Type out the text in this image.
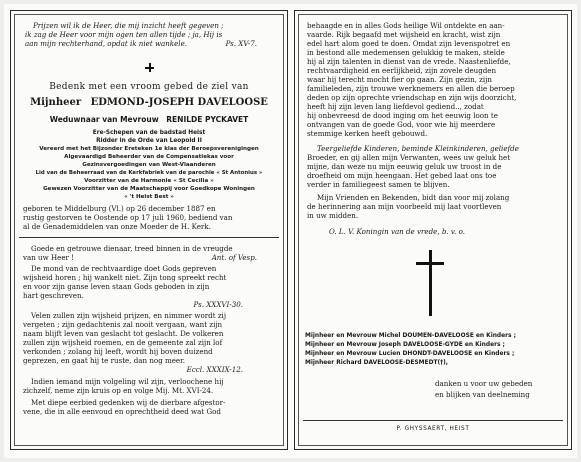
Prijzen wil ik de Heer, die mij inzicht heeft gegeven ;
ik zag de Heer voor mijn ogen ten allen tijde ; ja, Hij is
aan mijn rechterhand, opdat ik niet wankele.	Ps. XV-7.
Bedenk met een vroom gebed de ziel van
Mijnheer EDMOND-JOSEPH DAVELOOSE
Weduwnaar van Mevrouw RENILDE PYCKAVET
Ere-Schepen van de badstad Heist
Ridder in de Orde van Leopold II
Vereerd met het Bijzonder Ereteken 1e klas der Beroepsverenigingen
Algevaardigd Beheerder van de Compensatiekas voor
Gezinsvergoedingen van West-Vlaanderen
Lid van de Beheerraad van de Kerkfabriek van de parochie « St Antonius »
Voorzitter van de Harmonie « St Cecilia »
Gewezen Voorzitter van de Maatschappij voor Goedkope Woningen
« 't Heist Best »
geboren te Middelburg (Vl.) op 26 december 1887 en
rustig gestorven te Oostende op 17 juli 1960, bediend van
al de Genademiddelen van onze Moeder de H. Kerk.
Goede en getrouwe dienaar, treed binnen in de vreugde
van uw Heer !	Ant. of Vesp.
De mond van de rechtvaardige doet Gods gepreven
wijsheid horen ; hij wankelt niet. Zijn tong spreekt recht
en voor zijn ganse leven staan Gods geboden in zijn
hart geschreven.
Ps. XXXVI-30.
Velen zullen zijn wijsheid prijzen, en nimmer wordt zij
vergeten ; zijn gedachtenis zal nooit vergaan, want zijn
naam blijft leven van geslacht tot geslacht. De volkeren
zullen zijn wijsheid roemen, en de gemeente zal zijn lof
verkonden ; zolang hij leeft, wordt hij boven duizend
geprezen, en gaat hij te ruste, dan nog meer.
Eccl. XXXIX-12.
Indien iemand mijn volgeling wil zijn, verloochene hij
zichzelf, neme zijn kruis op en volge Mij. Mt. XVI-24.
Met diepe eerbied gedenken wij de dierbare afgestor-
vene, die in alle eenvoud en oprechtheid deed wat God
behaagde en in alles Gods heilige Wil ontdekte en aan-
vaarde. Rijk begaafd met wijsheid en kracht, wist zijn
edel hart alom goed te doen. Omdat zijn levenspotret en
in bestond alle medemensen gelukkig te maken, stelde
hij al zijn talenten in dienst van de vrede. Naastenliefde,
rechtvaardigheid en eerlijkheid, zijn zovele deugden
waar hij terecht mocht fier op gaan. Zijn gezin, zijn
familieleden, zijn trouwe werknemers en allen die beroep
deden op zijn oprechte vriendschap en zijn wijs doorzicht,
heeft hij zijn leven lang liefdevol gediend.., zodat
hij onbevreesd de dood inging om het eeuwig loon te
ontvangen van de goede God, voor wie hij meerdere
stemmige kerken heeft gebouwd.
Teergeliefde Kinderen, beminde Kleinkinderen, geliefde
Broeder, en gij allen mijn Verwanten, wees uw geluk het
mijne, dan weze nu mijn eeuwig geluk uw troost in de
droefheid om mijn heengaan. Het gebed laat ons toe
verder in familiegeest samen te blijven.
Mijn Vrienden en Bekenden, bidt dan voor mij zolang
de herinnering aan mijn voorbeeld mij laat voortleven
in uw midden.
O. L. V. Koningin van de vrede, b. v. o.
Mijnheer en Mevrouw Michel DOUMEN-DAVELOOSE en Kinders ;
Mijnheer en Mevrouw Joseph DAVELOOSE-GYDE en Kinders ;
Mijnheer en Mevrouw Lucien DHONDT-DAVELOOSE en Kinders ;
Mijnheer Richard DAVELOOSE-DESMEDT(†),
danken u voor uw gebeden
en blijken van deelneming
P. GHYSSAERT, HEIST
